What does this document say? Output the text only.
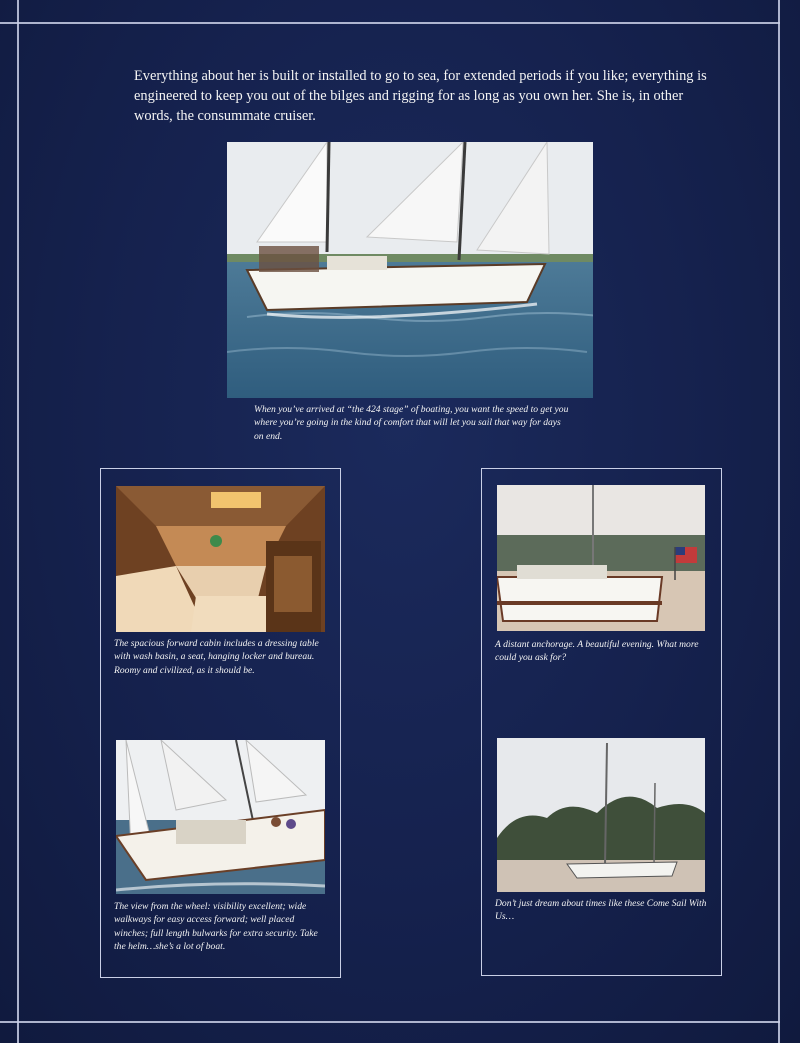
Everything about her is built or installed to go to sea, for extended periods if you like; everything is engineered to keep you out of the bilges and rigging for as long as you own her. She is, in other words, the consummate cruiser.

When you’ve arrived at “the 424 stage” of boating, you want the speed to get you where you’re going in the kind of comfort that will let you sail that way for days on end.

The spacious forward cabin includes a dressing table with wash basin, a seat, hanging locker and bureau. Roomy and civilized, as it should be.

The view from the wheel: visibility excellent; wide walkways for easy access forward; well placed winches; full length bulwarks for extra security. Take the helm…she’s a lot of boat.

A distant anchorage. A beautiful evening. What more could you ask for?

Don’t just dream about times like these Come Sail With Us…
